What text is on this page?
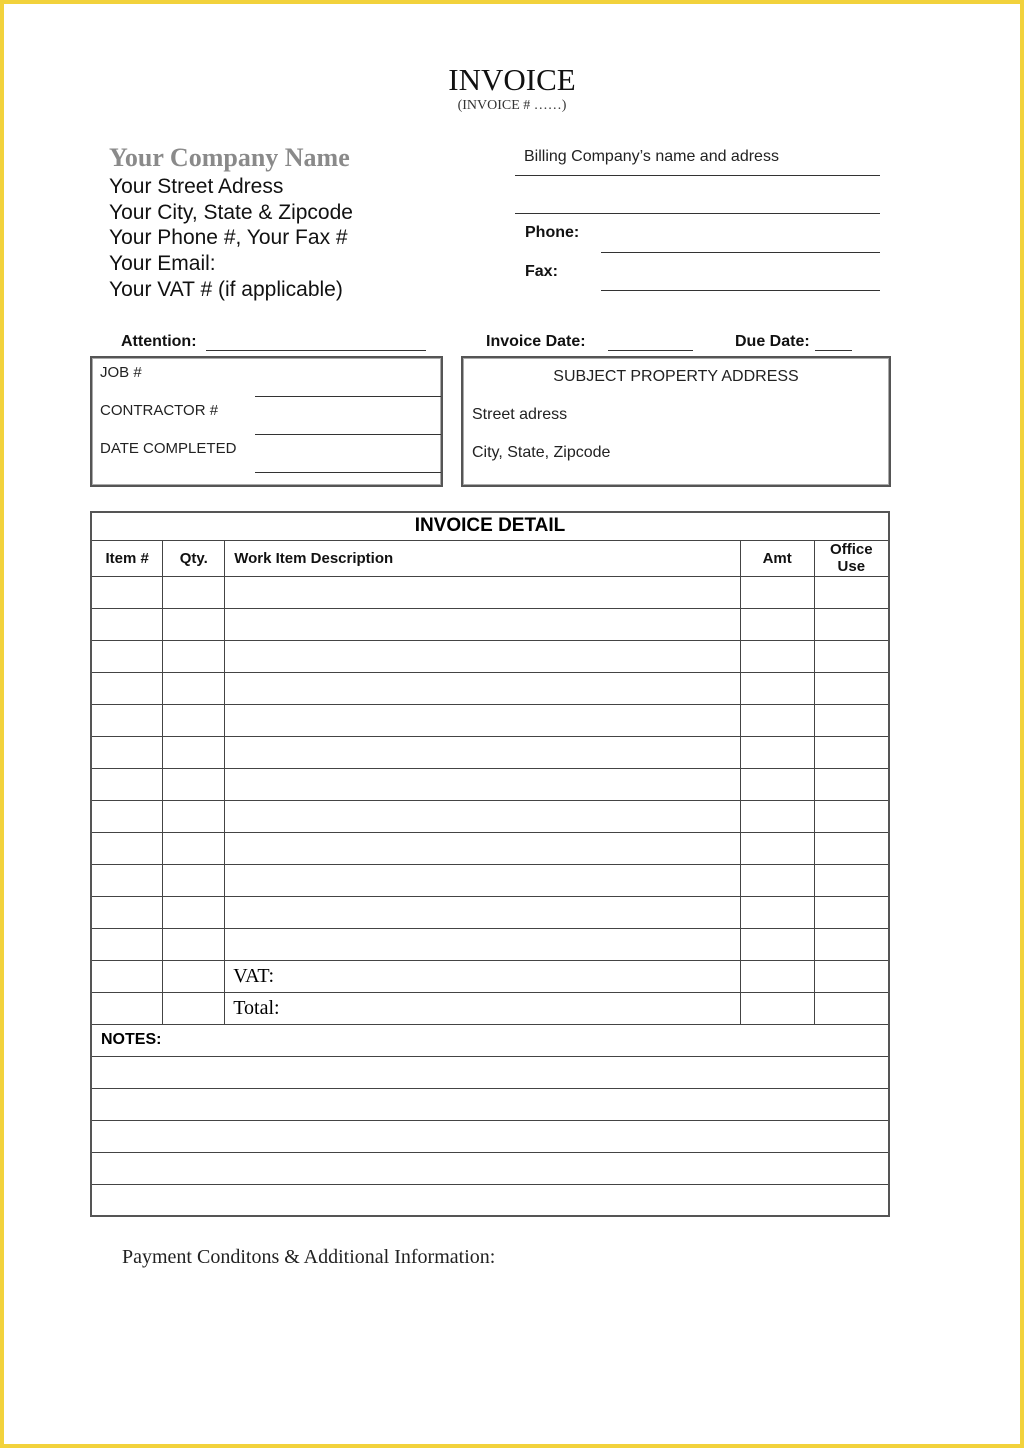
INVOICE
(INVOICE # ……)
Your Company Name
Your Street Adress
Your City, State & Zipcode
Your Phone #, Your Fax #
Your Email:
Your VAT # (if applicable)
Billing Company’s name and adress
Phone:
Fax:
Attention:	Invoice Date:	Due Date:
JOB #
CONTRACTOR #
DATE COMPLETED
SUBJECT PROPERTY ADDRESS
Street adress
City, State, Zipcode
INVOICE DETAIL				
Item #	Qty.	Work Item Description	Amt	Office Use

		VAT:		
		Total:		
NOTES:				

Payment Conditons & Additional Information:
